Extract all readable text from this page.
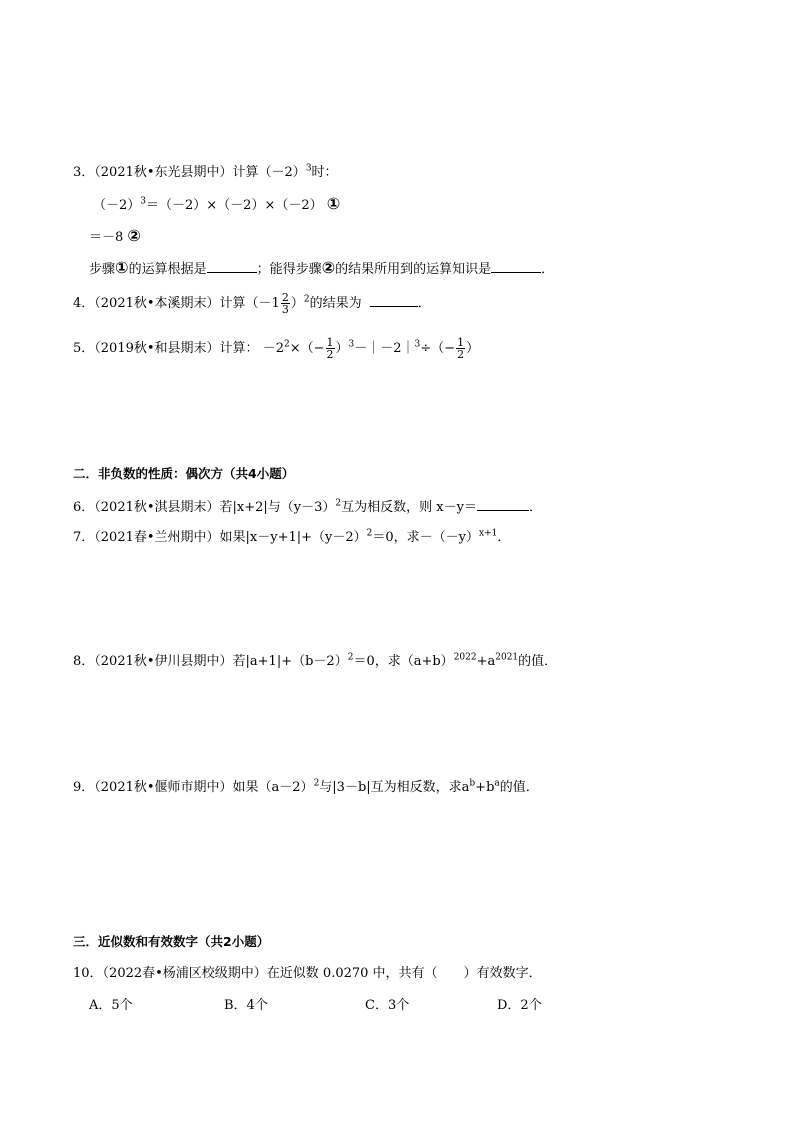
3．（2021秋•东光县期中）计算$(-2)^3$时：
$(-2)^3=(-2)\times(-2)\times(-2)$ ①
＝－8 ②
步骤①的运算根据是	；能得步骤②的结果所用到的运算知识是	．
4．（2021秋•本溪期末）计算$(-1 \frac{2}{3} )^2$的结果为	．
5．（2019秋•和县期末）计算： $-2^2\times(- \frac{1}{2}$ ）$^3-|-2|^3\div(- \frac{1}{2}$ ）
二．非负数的性质：偶次方（共4小题）
6．（2021秋•淇县期末）若|x+2|与$(y-3)^2$互为相反数，则 x－y＝	．
7．（2021春•兰州期中）如果$|x-y+1|+(y-2)^2=0$，求$-(-y)^{x+1}$．
8．（2021秋•伊川县期中）若$|a+1|+(b-2)^2=0$，求$(a+b)^{2022}+a^{2021}$的值．
9．（2021秋•偃师市期中）如果$(a-2)^2$与|3－b|互为相反数，求$a^b+b^a$的值．
三．近似数和有效数字（共2小题）
10．（2022春•杨浦区校级期中）在近似数 0.0270 中，共有（ ）有效数字．
A．5个	B．4个	C．3个	D．2个
